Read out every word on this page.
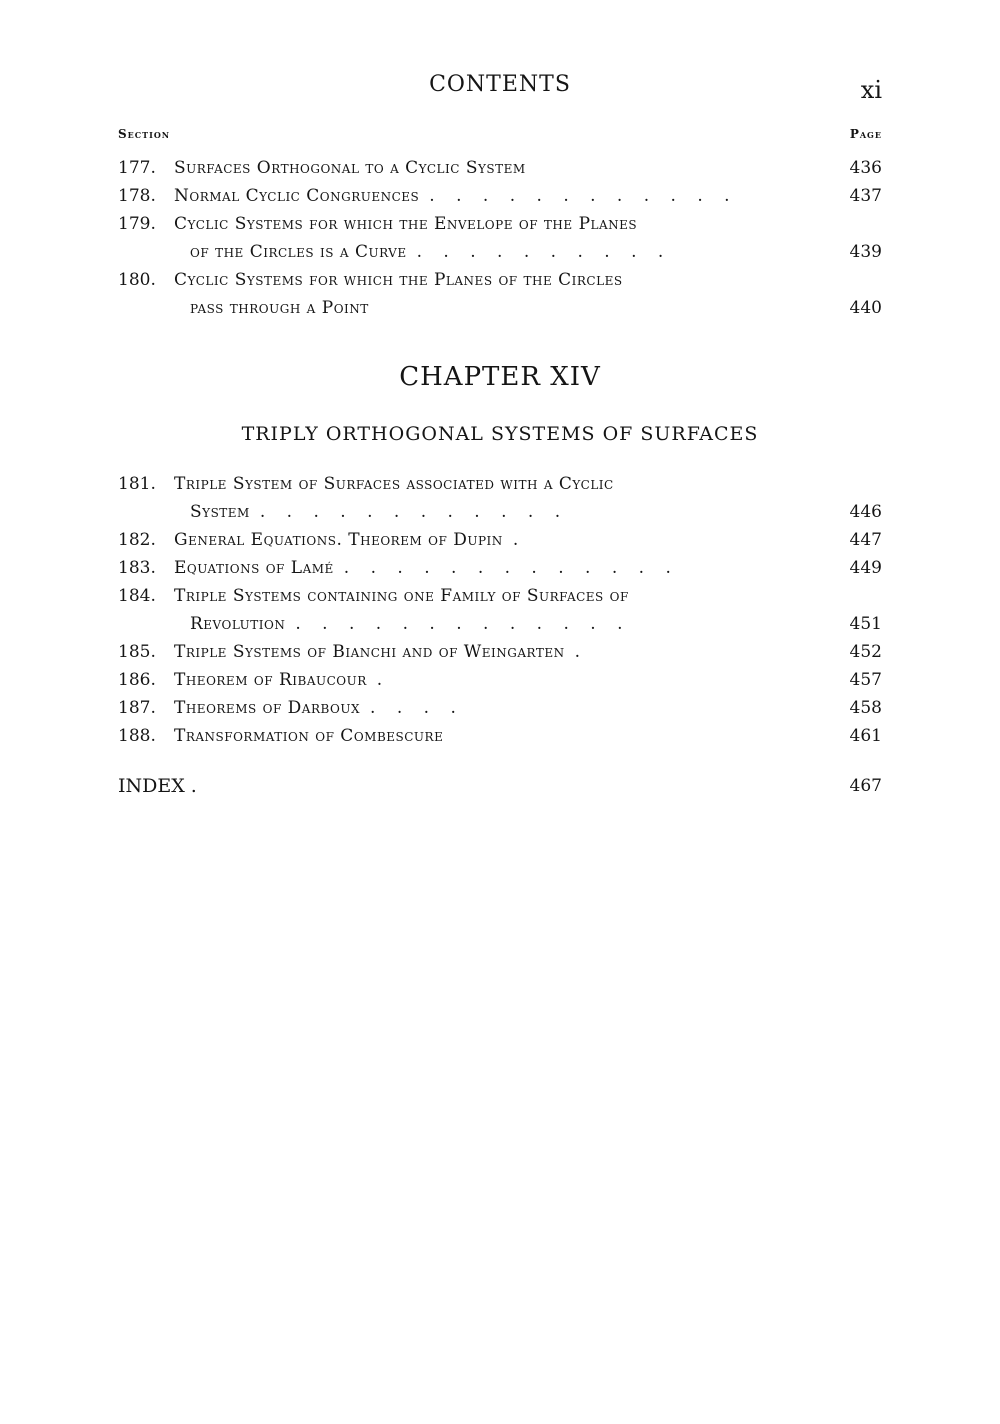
CONTENTS	xi
Section	Page
177.	Surfaces Orthogonal to a Cyclic System	436
178.	Normal Cyclic Congruences . . . . . . . . . . . .	437
179.	Cyclic Systems for which the Envelope of the Planes
of the Circles is a Curve . . . . . . . . . .	439
180.	Cyclic Systems for which the Planes of the Circles
pass through a Point	440
CHAPTER XIV
TRIPLY ORTHOGONAL SYSTEMS OF SURFACES
181.	Triple System of Surfaces associated with a Cyclic
System . . . . . . . . . . . .	446
182.	General Equations. Theorem of Dupin .	447
183.	Equations of Lamé . . . . . . . . . . . . .	449
184.	Triple Systems containing one Family of Surfaces of
Revolution . . . . . . . . . . . . .	451
185.	Triple Systems of Bianchi and of Weingarten .	452
186.	Theorem of Ribaucour .	457
187.	Theorems of Darboux . . . .	458
188.	Transformation of Combescure	461
INDEX .	467
